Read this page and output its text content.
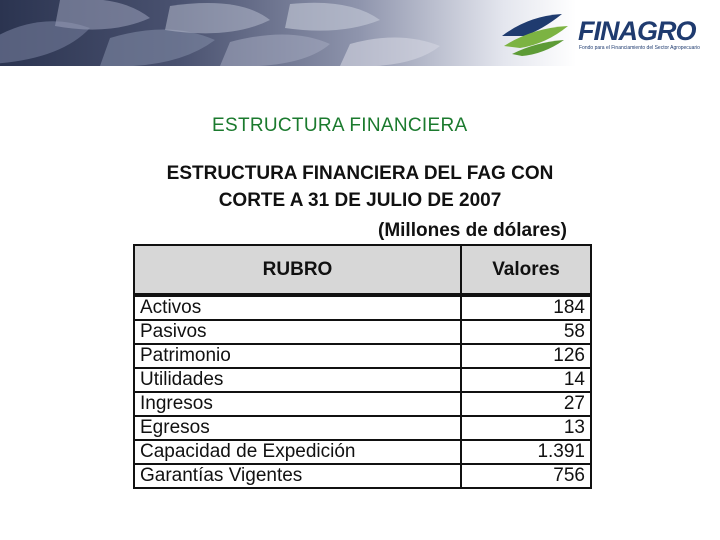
FINAGRO
Fondo para el Financiamiento del Sector Agropecuario
ESTRUCTURA FINANCIERA
ESTRUCTURA FINANCIERA DEL FAG CON
CORTE A 31 DE JULIO DE 2007
(Millones de dólares)
RUBRO	Valores
Activos	184
Pasivos	58
Patrimonio	126
Utilidades	14
Ingresos	27
Egresos	13
Capacidad de Expedición	1.391
Garantías Vigentes	756
